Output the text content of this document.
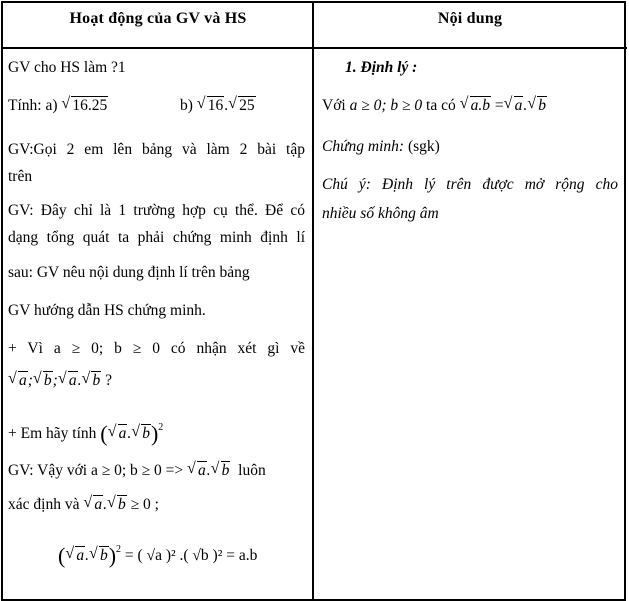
Hoạt động của GV và HS	Nội dung
GV cho HS làm ?1
Tính: a) √ 16.25	b) √ 16. √ 25
GV:Gọi 2 em lên bảng và làm 2 bài tập
trên
GV: Đây chỉ là 1 trường hợp cụ thể. Để có
dạng tổng quát ta phải chứng minh định lí
sau: GV nêu nội dung định lí trên bảng
GV hướng dẫn HS chứng minh.
+ Vì a ≥ 0; b ≥ 0 có nhận xét gì về
√ a; √ b; √ a. √ b ?
+ Em hãy tính ( √ a. √ b)$^2$
GV: Vậy với a ≥ 0; b ≥ 0 => √ a. √ b luôn
xác định và √ a. √ b ≥ 0 ;
( √ a. √ b)$^2$ = ( √a )² .( √b )² = a.b
1. Định lý :
Với a ≥ 0; b ≥ 0 ta có √ a.b = √ a. √ b
Chứng minh: (sgk)
Chú ý: Định lý trên được mở rộng cho
nhiều số không âm
